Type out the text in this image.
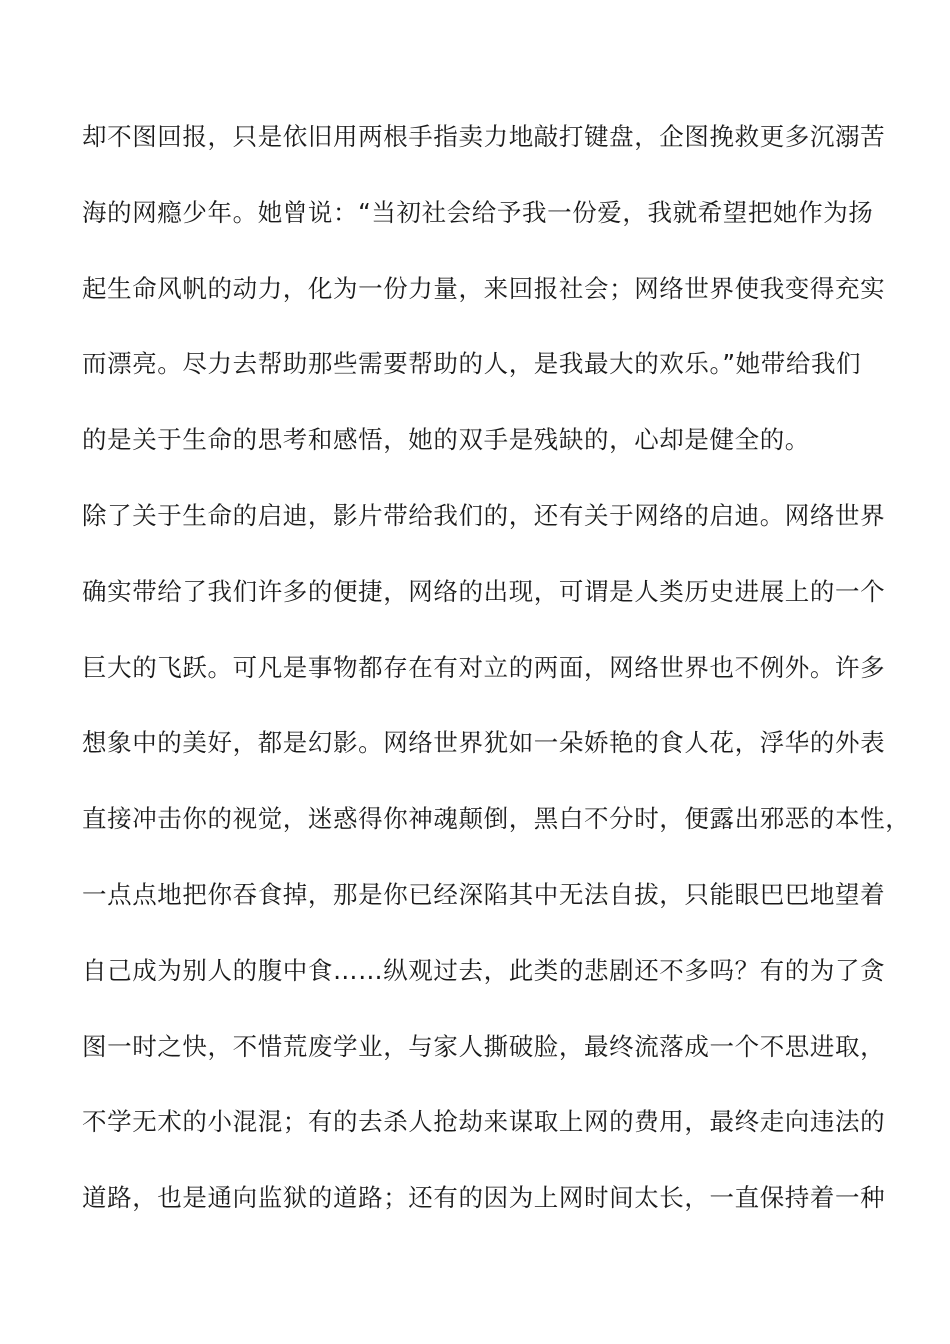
却不图回报，只是依旧用两根手指卖力地敲打键盘，企图挽救更多沉溺苦
海的网瘾少年。她曾说：“当初社会给予我一份爱，我就希望把她作为扬
起生命风帆的动力，化为一份力量，来回报社会；网络世界使我变得充实
而漂亮。尽力去帮助那些需要帮助的人，是我最大的欢乐。”她带给我们
的是关于生命的思考和感悟，她的双手是残缺的，心却是健全的。
除了关于生命的启迪，影片带给我们的，还有关于网络的启迪。网络世界
确实带给了我们许多的便捷，网络的出现，可谓是人类历史进展上的一个
巨大的飞跃。可凡是事物都存在有对立的两面，网络世界也不例外。许多
想象中的美好，都是幻影。网络世界犹如一朵娇艳的食人花，浮华的外表
直接冲击你的视觉，迷惑得你神魂颠倒，黑白不分时，便露出邪恶的本性，
一点点地把你吞食掉，那是你已经深陷其中无法自拔，只能眼巴巴地望着
自己成为别人的腹中食……纵观过去，此类的悲剧还不多吗？有的为了贪
图一时之快，不惜荒废学业，与家人撕破脸，最终流落成一个不思进取，
不学无术的小混混；有的去杀人抢劫来谋取上网的费用，最终走向违法的
道路，也是通向监狱的道路；还有的因为上网时间太长，一直保持着一种
